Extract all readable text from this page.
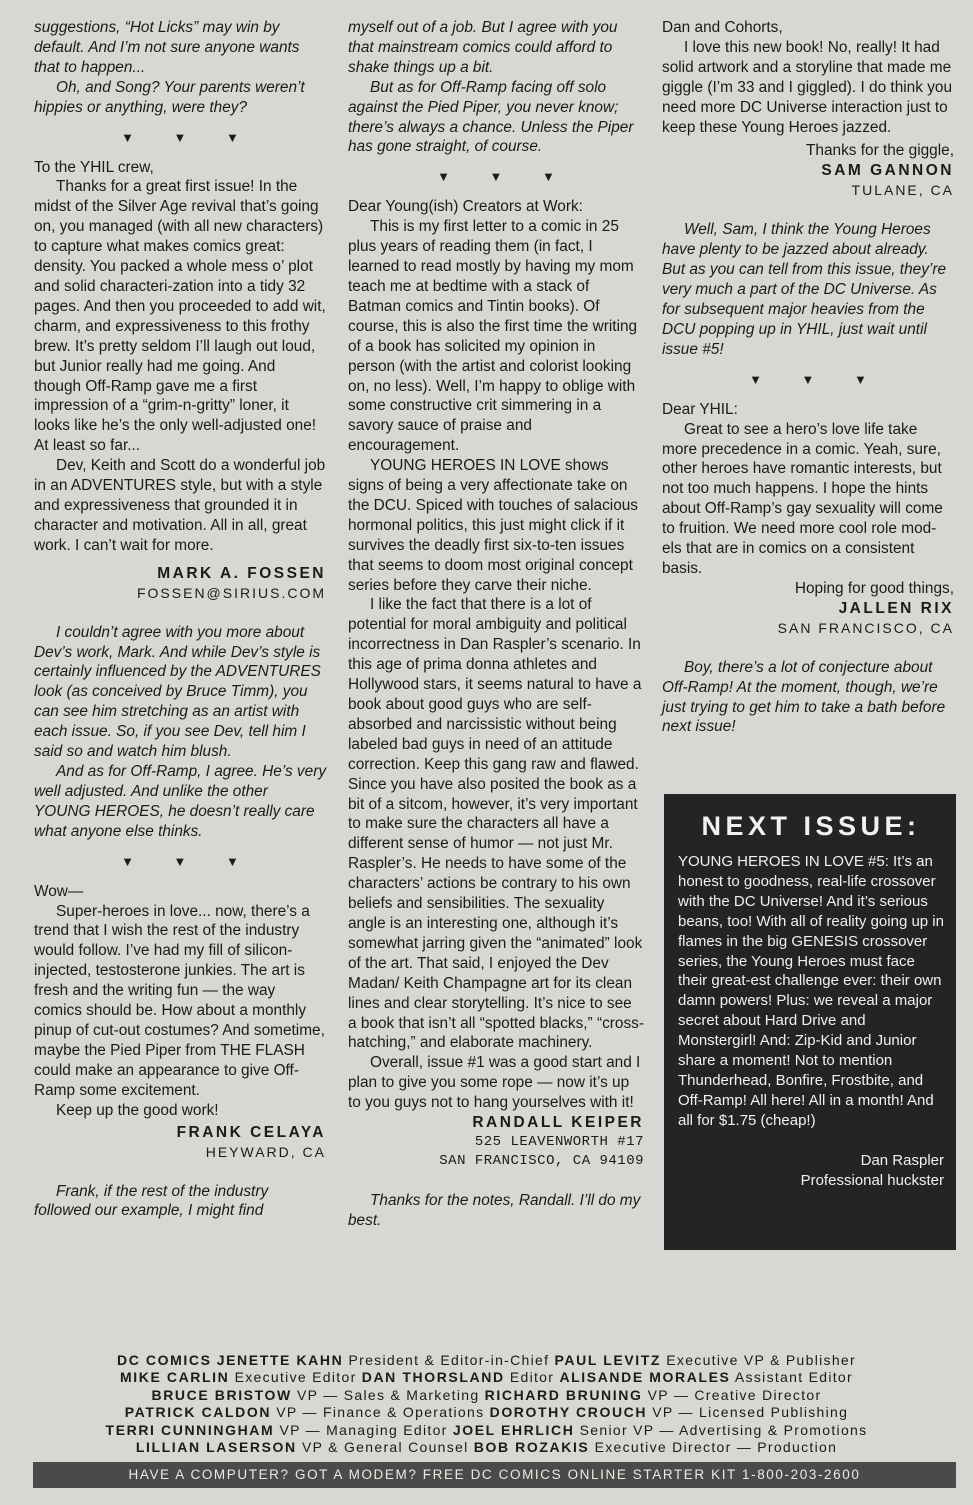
suggestions, “Hot Licks” may win by default. And I’m not sure anyone wants that to happen...

Oh, and Song? Your parents weren’t hippies or anything, were they?

▼ ▼ ▼

To the YHIL crew,

Thanks for a great first issue! In the midst of the Silver Age revival that’s going on, you managed (with all new characters) to capture what makes comics great: density. You packed a whole mess o’ plot and solid characteri-zation into a tidy 32 pages. And then you proceeded to add wit, charm, and expressiveness to this frothy brew. It’s pretty seldom I’ll laugh out loud, but Junior really had me going. And though Off-Ramp gave me a first impression of a “grim-n-gritty” loner, it looks like he’s the only well-adjusted one! At least so far...

Dev, Keith and Scott do a wonderful job in an ADVENTURES style, but with a style and expressiveness that grounded it in character and motivation. All in all, great work. I can’t wait for more.

MARK A. FOSSEN
FOSSEN@SIRIUS.COM

I couldn’t agree with you more about Dev’s work, Mark. And while Dev’s style is certainly influenced by the ADVENTURES look (as conceived by Bruce Timm), you can see him stretching as an artist with each issue. So, if you see Dev, tell him I said so and watch him blush.

And as for Off-Ramp, I agree. He’s very well adjusted. And unlike the other YOUNG HEROES, he doesn’t really care what anyone else thinks.

▼ ▼ ▼

Wow—

Super-heroes in love... now, there’s a trend that I wish the rest of the industry would follow. I’ve had my fill of silicon-injected, testosterone junkies. The art is fresh and the writing fun — the way comics should be. How about a monthly pinup of cut-out costumes? And sometime, maybe the Pied Piper from THE FLASH could make an appearance to give Off-Ramp some excitement.

Keep up the good work!

FRANK CELAYA
HEYWARD, CA

Frank, if the rest of the industry followed our example, I might find

myself out of a job. But I agree with you that mainstream comics could afford to shake things up a bit.

But as for Off-Ramp facing off solo against the Pied Piper, you never know; there’s always a chance. Unless the Piper has gone straight, of course.

▼ ▼ ▼

Dear Young(ish) Creators at Work:

This is my first letter to a comic in 25 plus years of reading them (in fact, I learned to read mostly by having my mom teach me at bedtime with a stack of Batman comics and Tintin books). Of course, this is also the first time the writing of a book has solicited my opinion in person (with the artist and colorist looking on, no less). Well, I’m happy to oblige with some constructive crit simmering in a savory sauce of praise and encouragement.

YOUNG HEROES IN LOVE shows signs of being a very affectionate take on the DCU. Spiced with touches of salacious hormonal politics, this just might click if it survives the deadly first six-to-ten issues that seems to doom most original concept series before they carve their niche.

I like the fact that there is a lot of potential for moral ambiguity and political incorrectness in Dan Raspler’s scenario. In this age of prima donna athletes and Hollywood stars, it seems natural to have a book about good guys who are self-absorbed and narcissistic without being labeled bad guys in need of an attitude correction. Keep this gang raw and flawed. Since you have also posited the book as a bit of a sitcom, however, it’s very important to make sure the characters all have a different sense of humor — not just Mr. Raspler’s. He needs to have some of the characters’ actions be contrary to his own beliefs and sensibilities. The sexuality angle is an interesting one, although it’s somewhat jarring given the “animated” look of the art. That said, I enjoyed the Dev Madan/ Keith Champagne art for its clean lines and clear storytelling. It’s nice to see a book that isn’t all “spotted blacks,” “cross-hatching,” and elaborate machinery.

Overall, issue #1 was a good start and I plan to give you some rope — now it’s up to you guys not to hang yourselves with it!

RANDALL KEIPER
525 LEAVENWORTH #17
SAN FRANCISCO, CA 94109

Thanks for the notes, Randall. I’ll do my best.

Dan and Cohorts,

I love this new book! No, really! It had solid artwork and a storyline that made me giggle (I’m 33 and I giggled). I do think you need more DC Universe interaction just to keep these Young Heroes jazzed.

Thanks for the giggle,

SAM GANNON
TULANE, CA

Well, Sam, I think the Young Heroes have plenty to be jazzed about already. But as you can tell from this issue, they’re very much a part of the DC Universe. As for subsequent major heavies from the DCU popping up in YHIL, just wait until issue #5!

▼ ▼ ▼

Dear YHIL:

Great to see a hero’s love life take more precedence in a comic. Yeah, sure, other heroes have romantic interests, but not too much happens. I hope the hints about Off-Ramp’s gay sexuality will come to fruition. We need more cool role mod-els that are in comics on a consistent basis.

Hoping for good things,

JALLEN RIX
SAN FRANCISCO, CA

Boy, there’s a lot of conjecture about Off-Ramp! At the moment, though, we’re just trying to get him to take a bath before next issue!

NEXT ISSUE:

YOUNG HEROES IN LOVE #5: It’s an honest to goodness, real-life crossover with the DC Universe! And it’s serious beans, too! With all of reality going up in flames in the big GENESIS crossover series, the Young Heroes must face their great-est challenge ever: their own damn powers! Plus: we reveal a major secret about Hard Drive and Monstergirl! And: Zip-Kid and Junior share a moment! Not to mention Thunderhead, Bonfire, Frostbite, and Off-Ramp! All here! All in a month! And all for $1.75 (cheap!)

Dan Raspler
Professional huckster
DC COMICS JENETTE KAHN President & Editor-in-Chief PAUL LEVITZ Executive VP & Publisher
MIKE CARLIN Executive Editor DAN THORSLAND Editor ALISANDE MORALES Assistant Editor
BRUCE BRISTOW VP — Sales & Marketing RICHARD BRUNING VP — Creative Director
PATRICK CALDON VP — Finance & Operations DOROTHY CROUCH VP — Licensed Publishing
TERRI CUNNINGHAM VP — Managing Editor JOEL EHRLICH Senior VP — Advertising & Promotions
LILLIAN LASERSON VP & General Counsel BOB ROZAKIS Executive Director — Production
HAVE A COMPUTER? GOT A MODEM? FREE DC COMICS ONLINE STARTER KIT 1-800-203-2600
